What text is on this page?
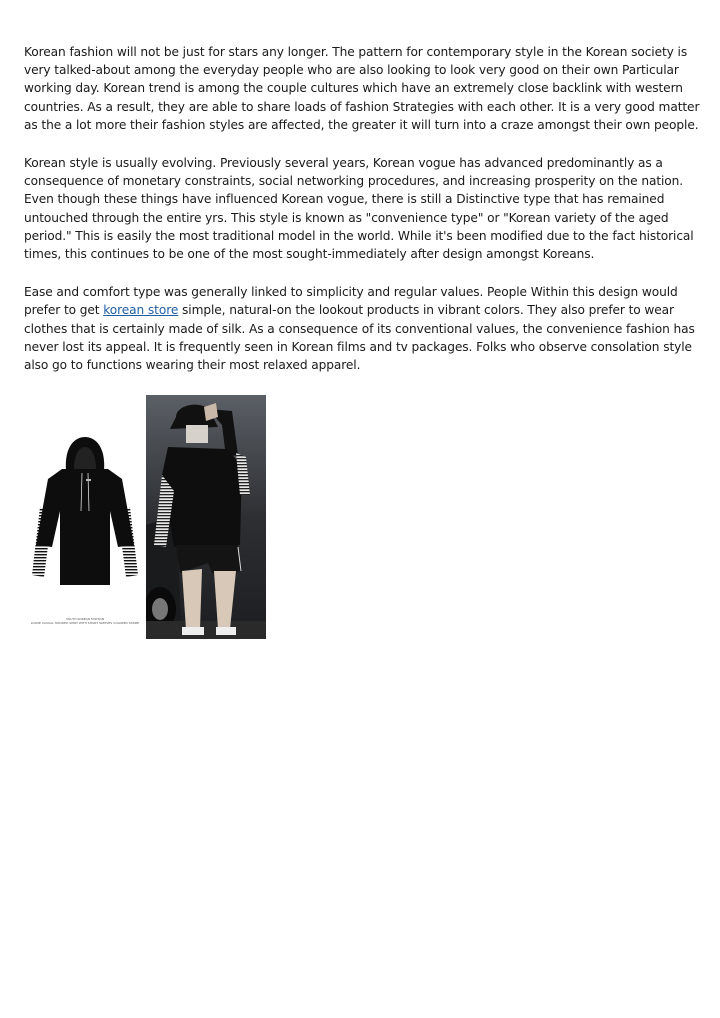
Korean fashion will not be just for stars any longer. The pattern for contemporary style in the Korean society is very talked-about among the everyday people who are also looking to look very good on their own Particular working day. Korean trend is among the couple cultures which have an extremely close backlink with western countries. As a result, they are able to share loads of fashion Strategies with each other. It is a very good matter as the a lot more their fashion styles are affected, the greater it will turn into a craze amongst their own people.

Korean style is usually evolving. Previously several years, Korean vogue has advanced predominantly as a consequence of monetary constraints, social networking procedures, and increasing prosperity on the nation. Even though these things have influenced Korean vogue, there is still a Distinctive type that has remained untouched through the entire yrs. This style is known as "convenience type" or "Korean variety of the aged period." This is easily the most traditional model in the world. While it's been modified due to the fact historical times, this continues to be one of the most sought-immediately after design amongst Koreans.

Ease and comfort type was generally linked to simplicity and regular values. People Within this design would prefer to get korean store simple, natural-on the lookout products in vibrant colors. They also prefer to wear clothes that is certainly made of silk. As a consequence of its conventional values, the convenience fashion has never lost its appeal. It is frequently seen in Korean films and tv packages. Folks who observe consolation style also go to functions wearing their most relaxed apparel.

SOUTH KOREAN FASHION
LOOSE CASUAL HOODED SHIRT WITH SHORT SLEEVES COLORED STRIPE
